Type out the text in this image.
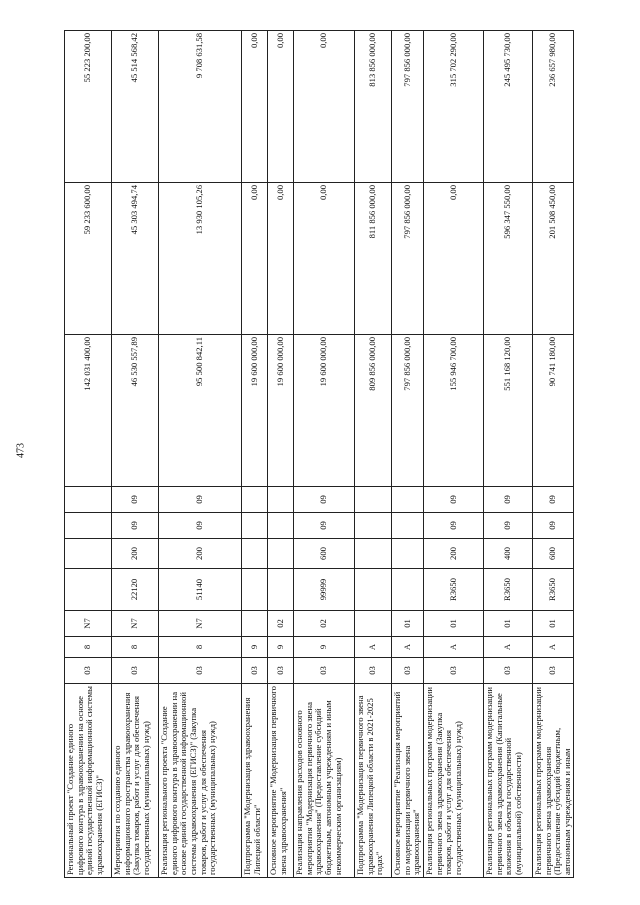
473
Региональный проект "Создание единого цифрового контура в здравоохранении на основе единой государственной информационной системы здравоохранения (ЕГИСЗ)"	03	8	N7					142 031 400,00	59 233 600,00	55 223 200,00
Мероприятия по созданию единого информационного пространства здравоохранения (Закупка товаров, работ и услуг для обеспечения государственных (муниципальных) нужд)	03	8	N7	22120	200	09	09	46 530 557,89	45 303 494,74	45 514 568,42
Реализация регионального проекта "Создание единого цифрового контура в здравоохранении на основе единой государственной информационной системы здравоохранения (ЕГИСЗ)" (Закупка товаров, работ и услуг для обеспечения государственных (муниципальных) нужд)	03	8	N7	51140	200	09	09	95 500 842,11	13 930 105,26	9 708 631,58
Подпрограмма "Модернизация здравоохранения Липецкой области"	03	9						19 600 000,00	0,00	0,00
Основное мероприятие "Модернизация первичного звена здравоохранения"	03	9	02					19 600 000,00	0,00	0,00
Реализация направления расходов основного мероприятия "Модернизация первичного звена здравоохранения" (Предоставление субсидий бюджетным, автономным учреждениям и иным некоммерческим организациям)	03	9	02	99999	600	09	09	19 600 000,00	0,00	0,00
Подпрограмма "Модернизация первичного звена здравоохранения Липецкой области в 2021-2025 годах"	03	А						809 856 000,00	811 856 000,00	813 856 000,00
Основное мероприятие "Реализация мероприятий по модернизации первичного звена здравоохранения"	03	А	01					797 856 000,00	797 856 000,00	797 856 000,00
Реализация региональных программ модернизации первичного звена здравоохранения (Закупка товаров, работ и услуг для обеспечения государственных (муниципальных) нужд)	03	А	01	R3650	200	09	09	155 946 700,00	0,00	315 702 290,00
Реализация региональных программ модернизации первичного звена здравоохранения (Капитальные вложения в объекты государственной (муниципальной) собственности)	03	А	01	R3650	400	09	09	551 168 120,00	596 347 550,00	245 495 730,00
Реализация региональных программ модернизации первичного звена здравоохранения (Предоставление субсидий бюджетным, автономным учреждениям и иным	03	А	01	R3650	600	09	09	90 741 180,00	201 508 450,00	236 657 980,00
